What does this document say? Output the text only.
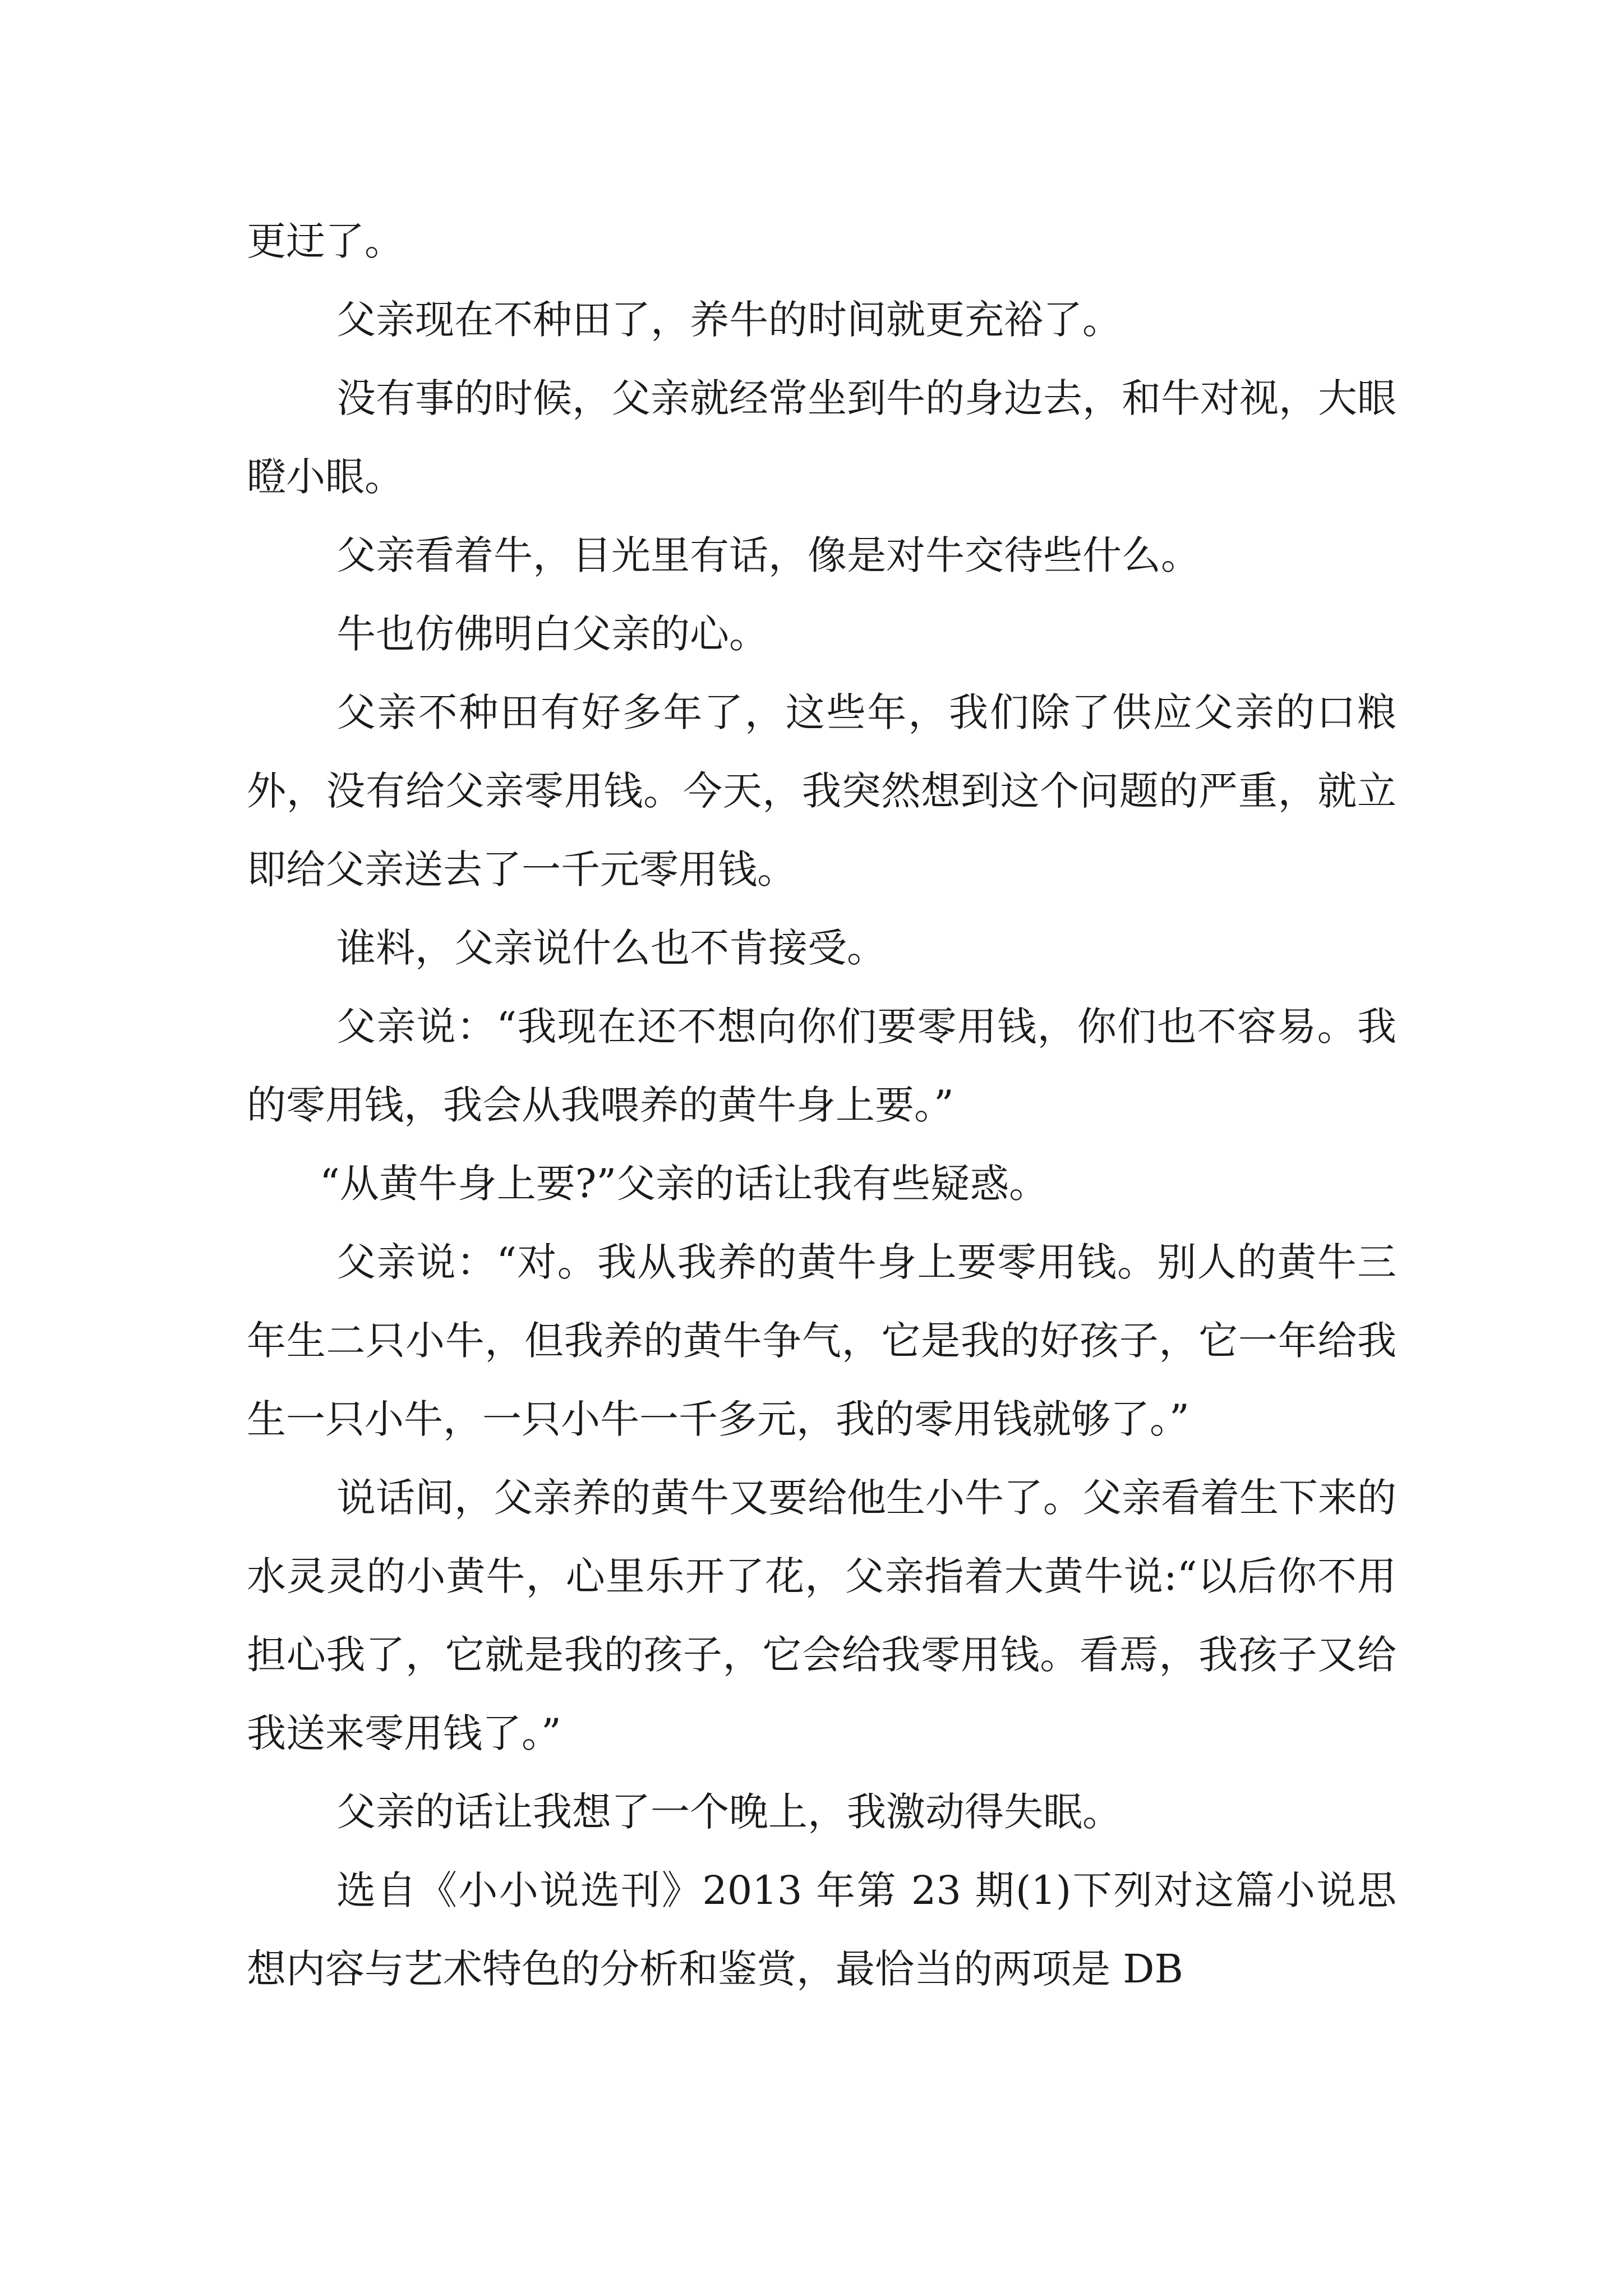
更迂了。

父亲现在不种田了，养牛的时间就更充裕了。

没有事的时候，父亲就经常坐到牛的身边去，和牛对视，大眼瞪小眼。

父亲看着牛，目光里有话，像是对牛交待些什么。

牛也仿佛明白父亲的心。

父亲不种田有好多年了，这些年，我们除了供应父亲的口粮外，没有给父亲零用钱。今天，我突然想到这个问题的严重，就立即给父亲送去了一千元零用钱。

谁料，父亲说什么也不肯接受。

父亲说：“我现在还不想向你们要零用钱，你们也不容易。我的零用钱，我会从我喂养的黄牛身上要。”

“从黄牛身上要?”父亲的话让我有些疑惑。

父亲说：“对。我从我养的黄牛身上要零用钱。别人的黄牛三年生二只小牛，但我养的黄牛争气，它是我的好孩子，它一年给我生一只小牛，一只小牛一千多元，我的零用钱就够了。”

说话间，父亲养的黄牛又要给他生小牛了。父亲看着生下来的水灵灵的小黄牛，心里乐开了花，父亲指着大黄牛说:“以后你不用担心我了，它就是我的孩子，它会给我零用钱。看焉，我孩子又给我送来零用钱了。”

父亲的话让我想了一个晚上，我激动得失眠。

选自《小小说选刊》2013 年第 23 期(1)下列对这篇小说思想内容与艺术特色的分析和鉴赏，最恰当的两项是 DB
